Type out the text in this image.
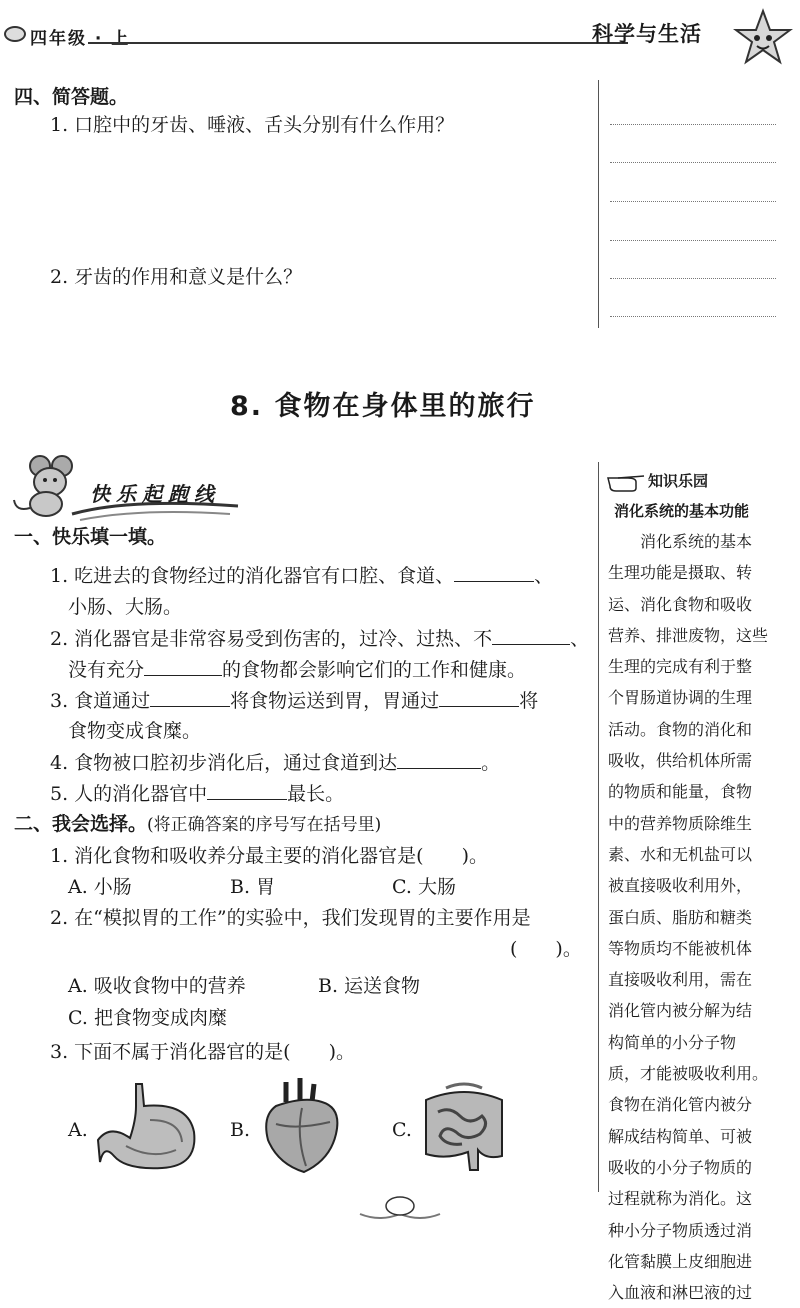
四年级 · 上	科学与生活
四、简答题。
1. 口腔中的牙齿、唾液、舌头分别有什么作用？
2. 牙齿的作用和意义是什么？
8. 食物在身体里的旅行
快乐起跑线
一、快乐填一填。
1. 吃进去的食物经过的消化器官有口腔、食道、	、
小肠、大肠。
2. 消化器官是非常容易受到伤害的，过冷、过热、不	、
没有充分	的食物都会影响它们的工作和健康。
3. 食道通过	将食物运送到胃，胃通过	将
食物变成食糜。
4. 食物被口腔初步消化后，通过食道到达	。
5. 人的消化器官中	最长。
二、我会选择。(将正确答案的序号写在括号里)
1. 消化食物和吸收养分最主要的消化器官是(　　)。
A. 小肠	B. 胃	C. 大肠
2. 在“模拟胃的工作”的实验中，我们发现胃的主要作用是
(　　)。
A. 吸收食物中的营养	B. 运送食物
C. 把食物变成肉糜
3. 下面不属于消化器官的是(　　)。
A.	B.	C.
知识乐园
消化系统的基本功能
　　消化系统的基本
生理功能是摄取、转
运、消化食物和吸收
营养、排泄废物，这些
生理的完成有利于整
个胃肠道协调的生理
活动。食物的消化和
吸收，供给机体所需
的物质和能量，食物
中的营养物质除维生
素、水和无机盐可以
被直接吸收利用外，
蛋白质、脂肪和糖类
等物质均不能被机体
直接吸收利用，需在
消化管内被分解为结
构简单的小分子物
质，才能被吸收利用。
食物在消化管内被分
解成结构简单、可被
吸收的小分子物质的
过程就称为消化。这
种小分子物质透过消
化管黏膜上皮细胞进
入血液和淋巴液的过
